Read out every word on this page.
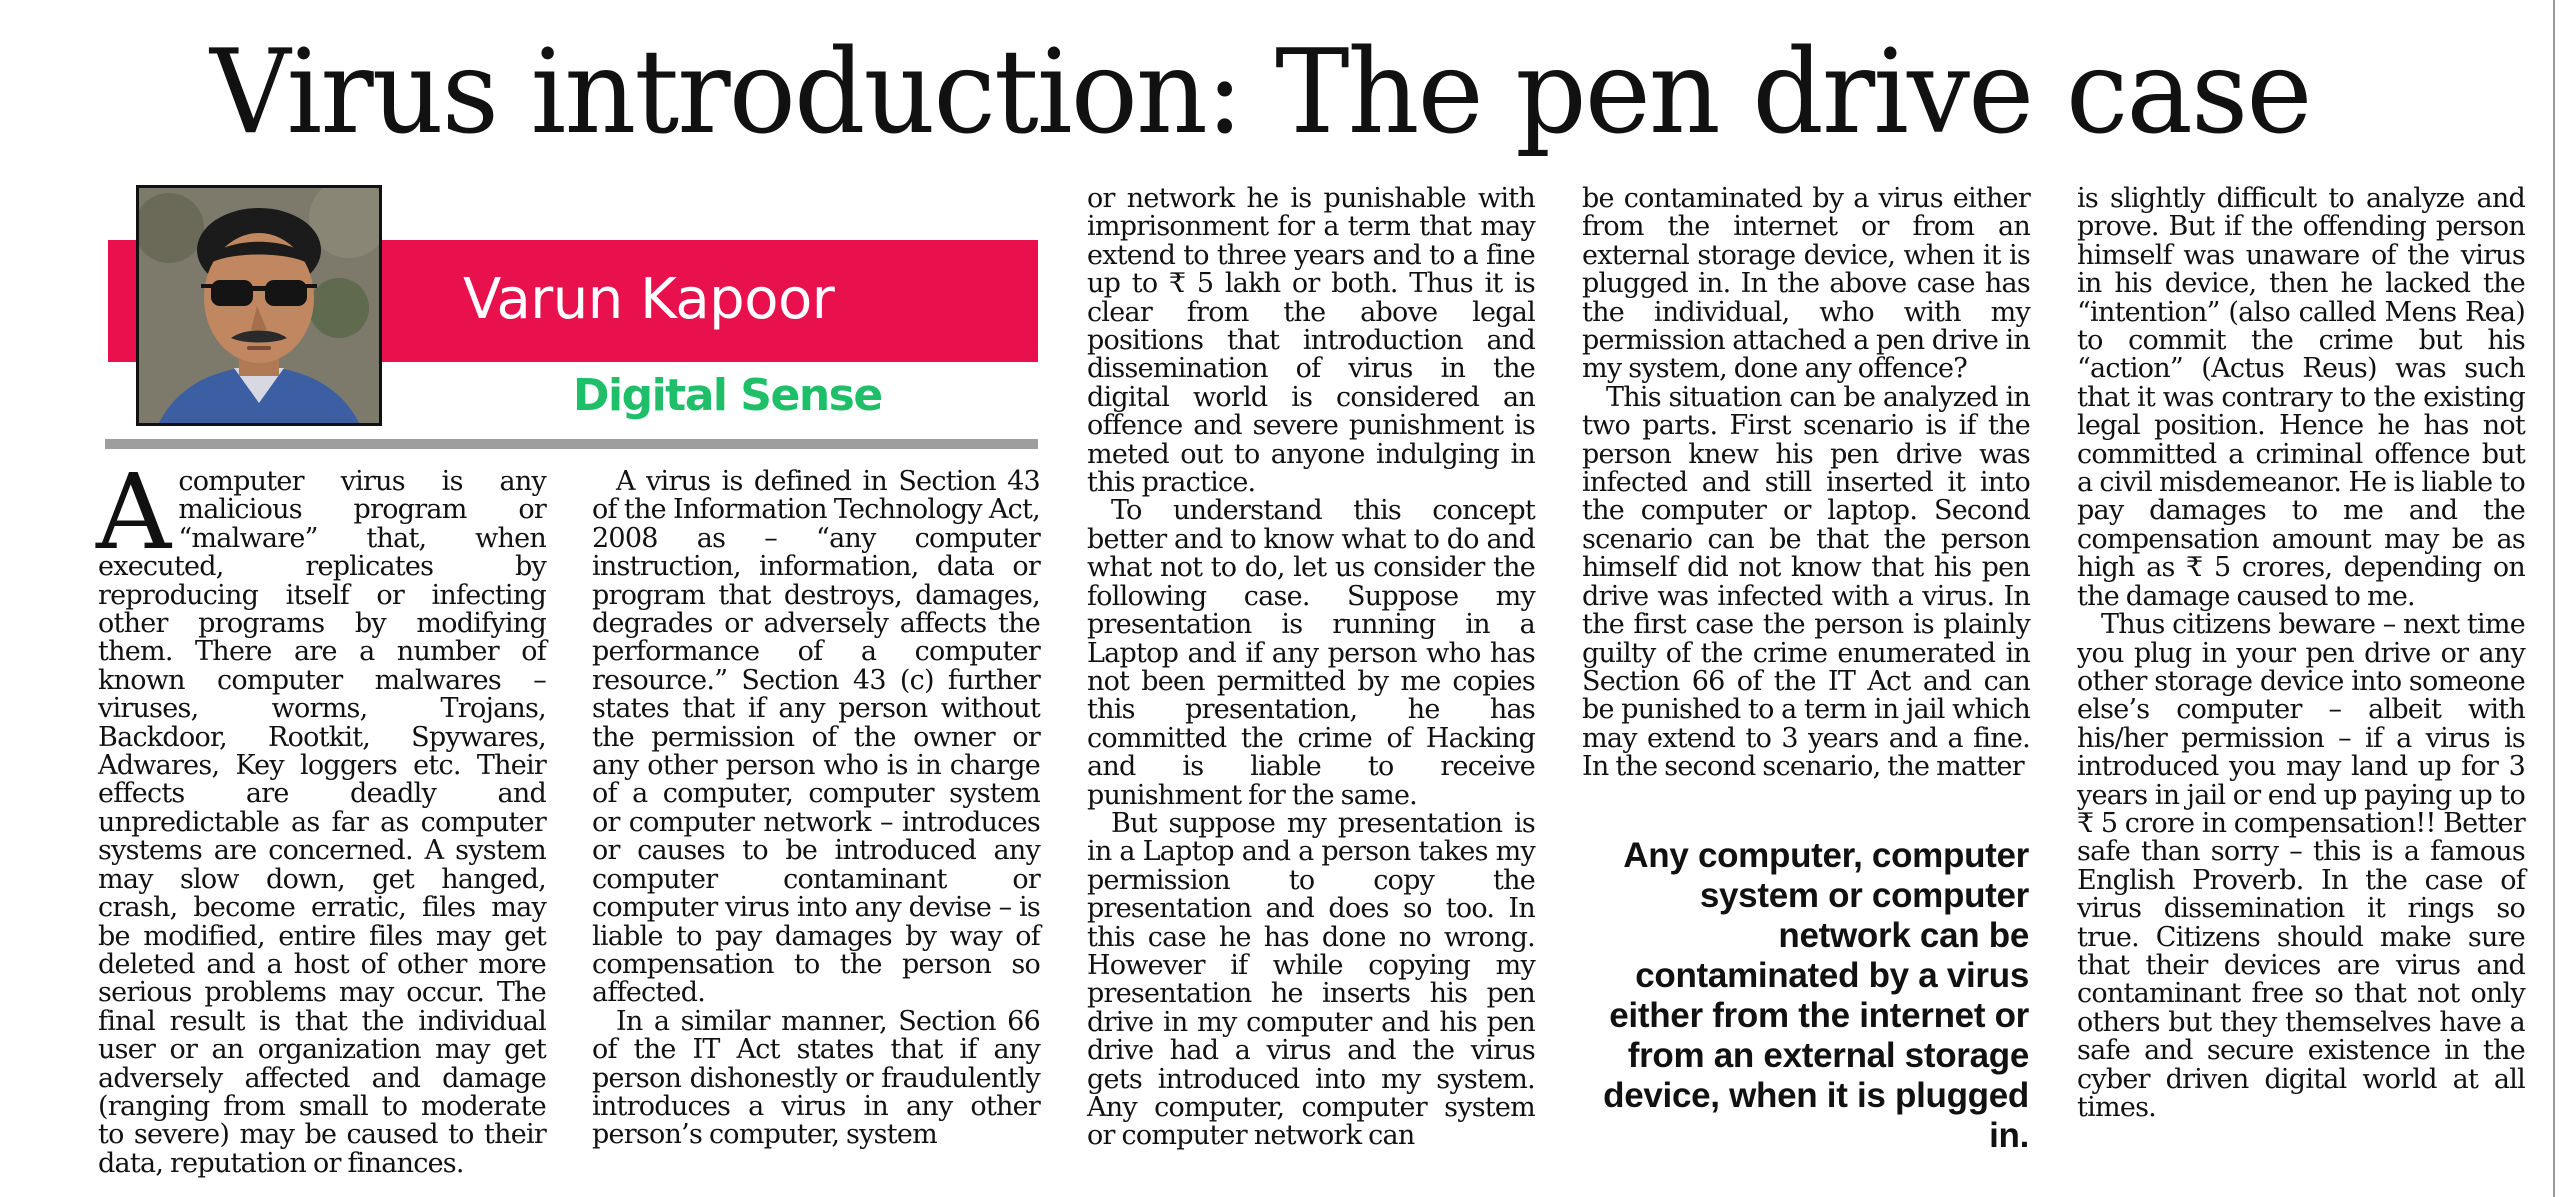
Virus introduction: The pen drive case
Varun Kapoor
Digital Sense

A computer virus is any malicious program or “malware” that, when executed, replicates by reproducing itself or infecting other programs by modifying them. There are a number of known computer malwares – viruses, worms, Trojans, Backdoor, Rootkit, Spywares, Adwares, Key loggers etc. Their effects are deadly and unpredictable as far as computer systems are concerned. A system may slow down, get hanged, crash, become erratic, files may be modified, entire files may get deleted and a host of other more serious problems may occur. The final result is that the individual user or an organization may get adversely affected and damage (ranging from small to moderate to severe) may be caused to their data, reputation or finances.

A virus is defined in Section 43 of the Information Technology Act, 2008 as – “any computer instruction, information, data or program that destroys, damages, degrades or adversely affects the performance of a computer resource.” Section 43 (c) further states that if any person without the permission of the owner or any other person who is in charge of a computer, computer system or computer network – introduces or causes to be introduced any computer contaminant or computer virus into any devise – is liable to pay damages by way of compensation to the person so affected.

In a similar manner, Section 66 of the IT Act states that if any person dishonestly or fraudulently introduces a virus in any other person’s computer, system

or network he is punishable with imprisonment for a term that may extend to three years and to a fine up to ₹ 5 lakh or both. Thus it is clear from the above legal positions that introduction and dissemination of virus in the digital world is considered an offence and severe punishment is meted out to anyone indulging in this practice.

To understand this concept better and to know what to do and what not to do, let us consider the following case. Suppose my presentation is running in a Laptop and if any person who has not been permitted by me copies this presentation, he has committed the crime of Hacking and is liable to receive punishment for the same.

But suppose my presentation is in a Laptop and a person takes my permission to copy the presentation and does so too. In this case he has done no wrong. However if while copying my presentation he inserts his pen drive in my computer and his pen drive had a virus and the virus gets introduced into my system. Any computer, computer system or computer network can

be contaminated by a virus either from the internet or from an external storage device, when it is plugged in. In the above case has the individual, who with my permission attached a pen drive in my system, done any offence?

This situation can be analyzed in two parts. First scenario is if the person knew his pen drive was infected and still inserted it into the computer or laptop. Second scenario can be that the person himself did not know that his pen drive was infected with a virus. In the first case the person is plainly guilty of the crime enumerated in Section 66 of the IT Act and can be punished to a term in jail which may extend to 3 years and a fine. In the second scenario, the matter

Any computer, computer system or computer network can be contaminated by a virus either from the internet or from an external storage device, when it is plugged in.

is slightly difficult to analyze and prove. But if the offending person himself was unaware of the virus in his device, then he lacked the “intention” (also called Mens Rea) to commit the crime but his “action” (Actus Reus) was such that it was contrary to the existing legal position. Hence he has not committed a criminal offence but a civil misdemeanor. He is liable to pay damages to me and the compensation amount may be as high as ₹ 5 crores, depending on the damage caused to me.

Thus citizens beware – next time you plug in your pen drive or any other storage device into someone else’s computer – albeit with his/her permission – if a virus is introduced you may land up for 3 years in jail or end up paying up to ₹ 5 crore in compensation!! Better safe than sorry – this is a famous English Proverb. In the case of virus dissemination it rings so true. Citizens should make sure that their devices are virus and contaminant free so that not only others but they themselves have a safe and secure existence in the cyber driven digital world at all times.
